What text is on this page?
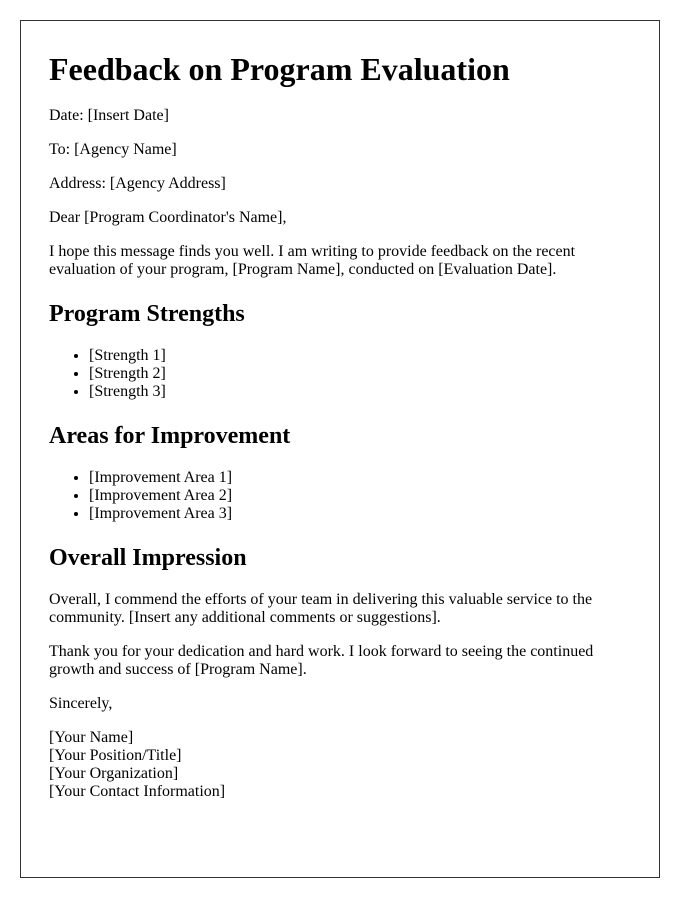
Feedback on Program Evaluation

Date: [Insert Date]

To: [Agency Name]

Address: [Agency Address]

Dear [Program Coordinator's Name],

I hope this message finds you well. I am writing to provide feedback on the recent evaluation of your program, [Program Name], conducted on [Evaluation Date].

Program Strengths
• [Strength 1]
• [Strength 2]
• [Strength 3]
Areas for Improvement
• [Improvement Area 1]
• [Improvement Area 2]
• [Improvement Area 3]
Overall Impression

Overall, I commend the efforts of your team in delivering this valuable service to the community. [Insert any additional comments or suggestions].

Thank you for your dedication and hard work. I look forward to seeing the continued growth and success of [Program Name].

Sincerely,

[Your Name]

[Your Position/Title]

[Your Organization]

[Your Contact Information]
